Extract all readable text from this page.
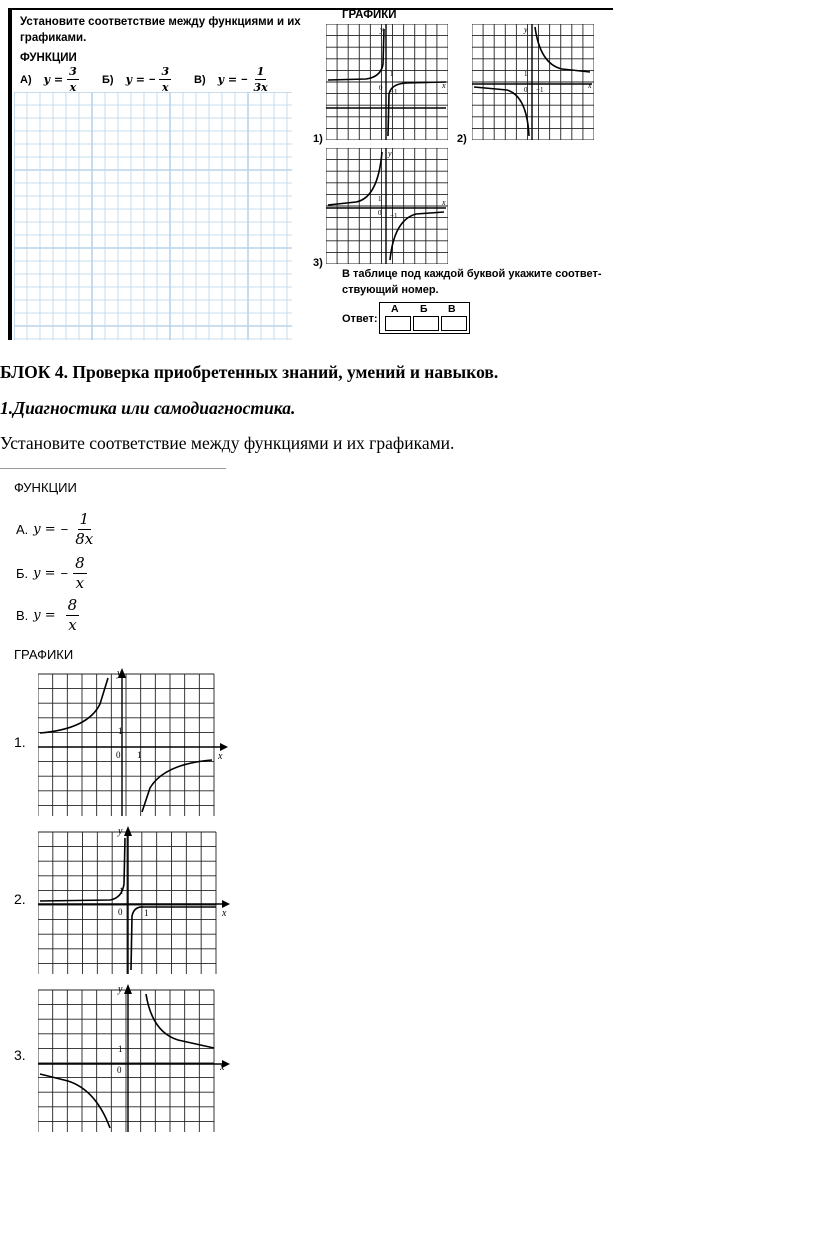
Установите соответствие между функциями и их
графиками.
ФУНКЦИИ
А) $y = \frac{3}{x} Б$) y = − $\frac{3}{x} В$) y = − $\frac{1}{3x}$
ГРАФИКИ
1)	2)
3)
x
y
1
0 −1
x
y
1
0 −1
x
y
1
0 −1
В таблице под каждой буквой укажите соответ-
ствующий номер.
Ответ:
А Б В
БЛОК 4. Проверка приобретенных знаний, умений и навыков.
1.Диагностика или самодиагностика.
Установите соответствие между функциями и их графиками.
ФУНКЦИИ
А. y = − $\frac{1}{8x}$
Б. y = − $\frac{8}{x}$
В. $y = \frac{8}{x}$
ГРАФИКИ
1.
2.
3.
x
y
1
0 1
x
y
1
0 1
x
y
1
0
